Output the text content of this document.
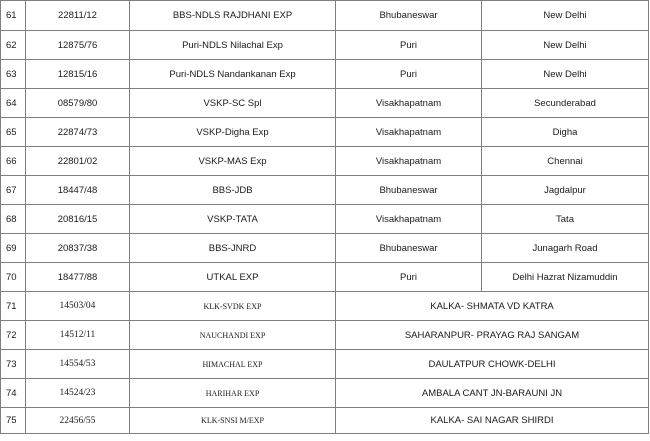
61	22811/12	BBS-NDLS RAJDHANI EXP	Bhubaneswar	New Delhi
62	12875/76	Puri-NDLS Nilachal Exp	Puri	New Delhi
63	12815/16	Puri-NDLS Nandankanan Exp	Puri	New Delhi
64	08579/80	VSKP-SC Spl	Visakhapatnam	Secunderabad
65	22874/73	VSKP-Digha Exp	Visakhapatnam	Digha
66	22801/02	VSKP-MAS Exp	Visakhapatnam	Chennai
67	18447/48	BBS-JDB	Bhubaneswar	Jagdalpur
68	20816/15	VSKP-TATA	Visakhapatnam	Tata
69	20837/38	BBS-JNRD	Bhubaneswar	Junagarh Road
70	18477/88	UTKAL EXP	Puri	Delhi Hazrat Nizamuddin
71	14503/04	KLK-SVDK EXP	KALKA- SHMATA VD KATRA	
72	14512/11	NAUCHANDI EXP	SAHARANPUR- PRAYAG RAJ SANGAM	
73	14554/53	HIMACHAL EXP	DAULATPUR CHOWK-DELHI	
74	14524/23	HARIHAR EXP	AMBALA CANT JN-BARAUNI JN	
75	22456/55	KLK-SNSI M/EXP	KALKA- SAI NAGAR SHIRDI	
